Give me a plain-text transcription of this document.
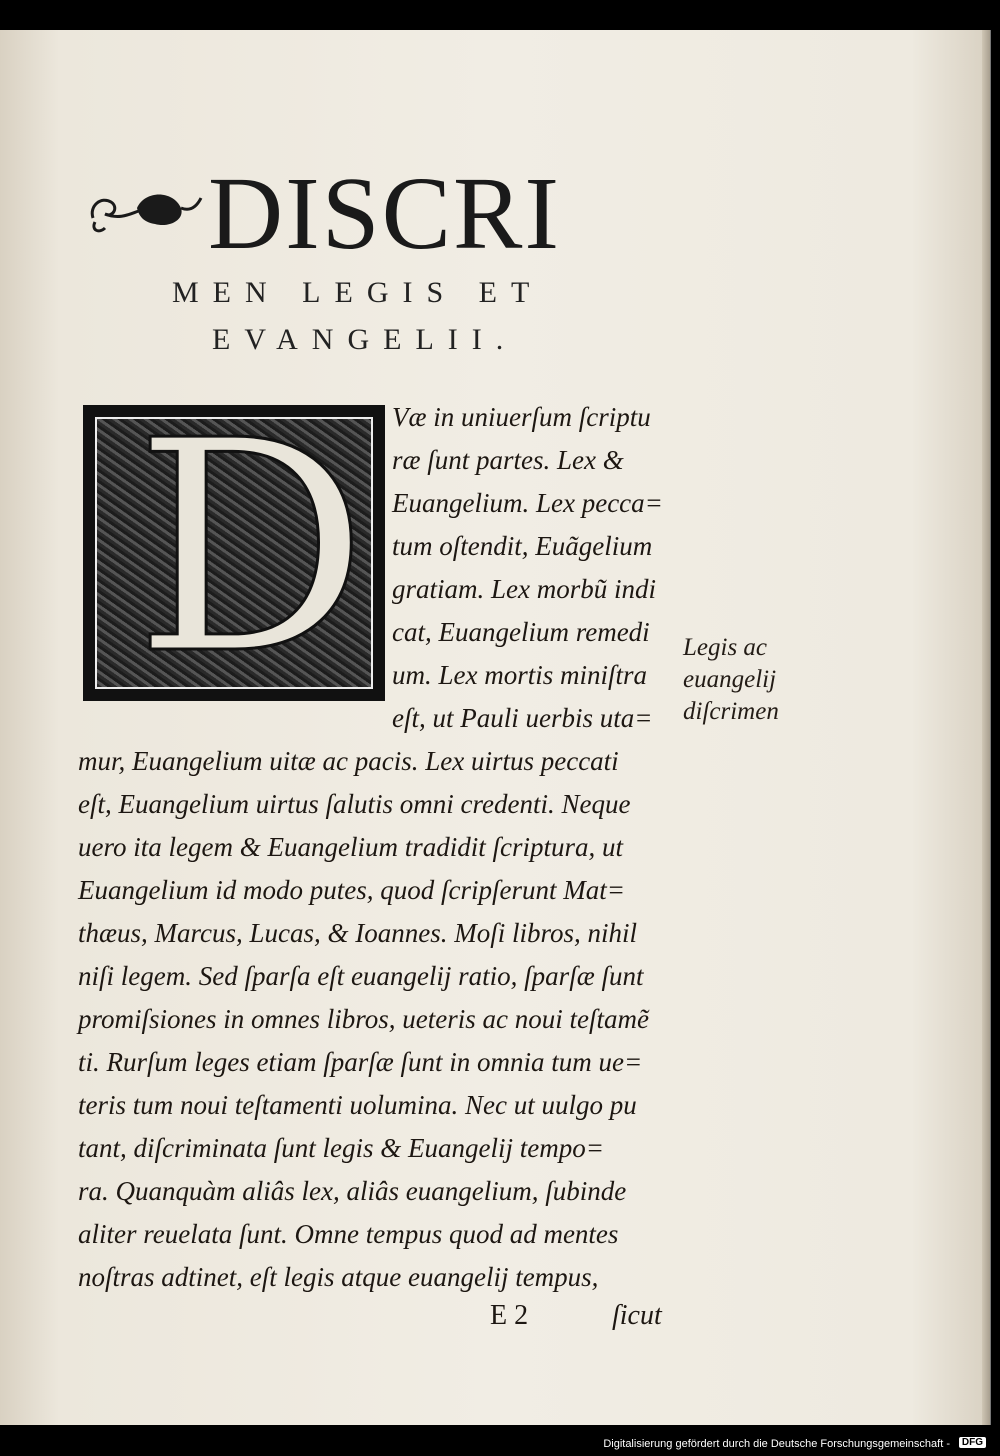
DISCRI
MEN LEGIS ET
EVANGELII.
D Væ in uniuerſum ſcriptu
ræ ſunt partes. Lex &
Euangelium. Lex pecca=
tum oſtendit, Euãgelium
gratiam. Lex morbũ indi
cat, Euangelium remedi
um. Lex mortis miniſtra
eſt, ut Pauli uerbis uta=
mur, Euangelium uitæ ac pacis. Lex uirtus peccati
eſt, Euangelium uirtus ſalutis omni credenti. Neque
uero ita legem & Euangelium tradidit ſcriptura, ut
Euangelium id modo putes, quod ſcripſerunt Mat=
thæus, Marcus, Lucas, & Ioannes. Moſi libros, nihil
niſi legem. Sed ſparſa eſt euangelij ratio, ſparſæ ſunt
promiſsiones in omnes libros, ueteris ac noui teſtamẽ
ti. Rurſum leges etiam ſparſæ ſunt in omnia tum ue=
teris tum noui teſtamenti uolumina. Nec ut uulgo pu
tant, diſcriminata ſunt legis & Euangelij tempo=
ra. Quanquàm aliâs lex, aliâs euangelium, ſubinde
aliter reuelata ſunt. Omne tempus quod ad mentes
noſtras adtinet, eſt legis atque euangelij tempus,
Legis ac
euangelij
diſcrimen
E 2	ſicut
Digitalisierung gefördert durch die Deutsche Forschungsgemeinschaft -	DFG
